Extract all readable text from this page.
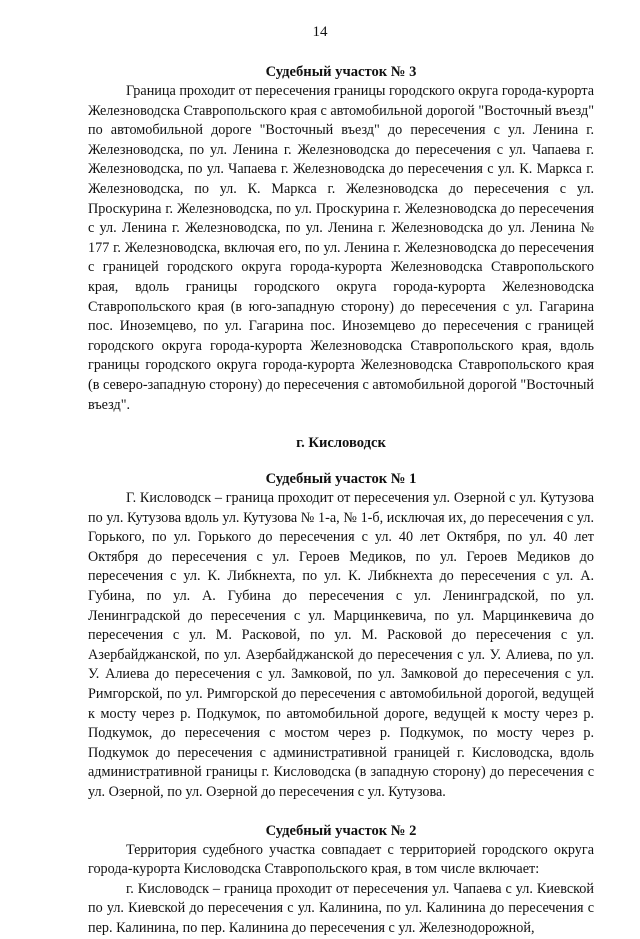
14
Судебный участок № 3

Граница проходит от пересечения границы городского округа города-курорта Железноводска Ставропольского края с автомобильной дорогой "Восточный въезд" по автомобильной дороге "Восточный въезд" до пересечения с ул. Ленина г. Железноводска, по ул. Ленина г. Железноводска до пересечения с ул. Чапаева г. Железноводска, по ул. Чапаева г. Железноводска до пересечения с ул. К. Маркса г. Железноводска, по ул. К. Маркса г. Железноводска до пересечения с ул. Проскурина г. Железноводска, по ул. Проскурина г. Железноводска до пересечения с ул. Ленина г. Железноводска, по ул. Ленина г. Железноводска до ул. Ленина № 177 г. Железноводска, включая его, по ул. Ленина г. Железноводска до пересечения с границей городского округа города-курорта Железноводска Ставропольского края, вдоль границы городского округа города-курорта Железноводска Ставропольского края (в юго-западную сторону) до пересечения с ул. Гагарина пос. Иноземцево, по ул. Гагарина пос. Иноземцево до пересечения с границей городского округа города-курорта Железноводска Ставропольского края, вдоль границы городского округа города-курорта Железноводска Ставропольского края (в северо-западную сторону) до пересечения с автомобильной дорогой "Восточный въезд".

г. Кисловодск
Судебный участок № 1

Г. Кисловодск – граница проходит от пересечения ул. Озерной с ул. Кутузова по ул. Кутузова вдоль ул. Кутузова № 1-а, № 1-б, исключая их, до пересечения с ул. Горького, по ул. Горького до пересечения с ул. 40 лет Октября, по ул. 40 лет Октября до пересечения с ул. Героев Медиков, по ул. Героев Медиков до пересечения с ул. К. Либкнехта, по ул. К. Либкнехта до пересечения с ул. А. Губина, по ул. А. Губина до пересечения с ул. Ленинградской, по ул. Ленинградской до пересечения с ул. Марцинкевича, по ул. Марцинкевича до пересечения с ул. М. Расковой, по ул. М. Расковой до пересечения с ул. Азербайджанской, по ул. Азербайджанской до пересечения с ул. У. Алиева, по ул. У. Алиева до пересечения с ул. Замковой, по ул. Замковой до пересечения с ул. Римгорской, по ул. Римгорской до пересечения с автомобильной дорогой, ведущей к мосту через р. Подкумок, по автомобильной дороге, ведущей к мосту через р. Подкумок, до пересечения с мостом через р. Подкумок, по мосту через р. Подкумок до пересечения с административной границей г. Кисловодска, вдоль административной границы г. Кисловодска (в западную сторону) до пересечения с ул. Озерной, по ул. Озерной до пересечения с ул. Кутузова.

Судебный участок № 2

Территория судебного участка совпадает с территорией городского округа города-курорта Кисловодска Ставропольского края, в том числе включает:

г. Кисловодск – граница проходит от пересечения ул. Чапаева с ул. Киевской по ул. Киевской до пересечения с ул. Калинина, по ул. Калинина до пересечения с пер. Калинина, по пер. Калинина до пересечения с ул. Железнодорожной,
